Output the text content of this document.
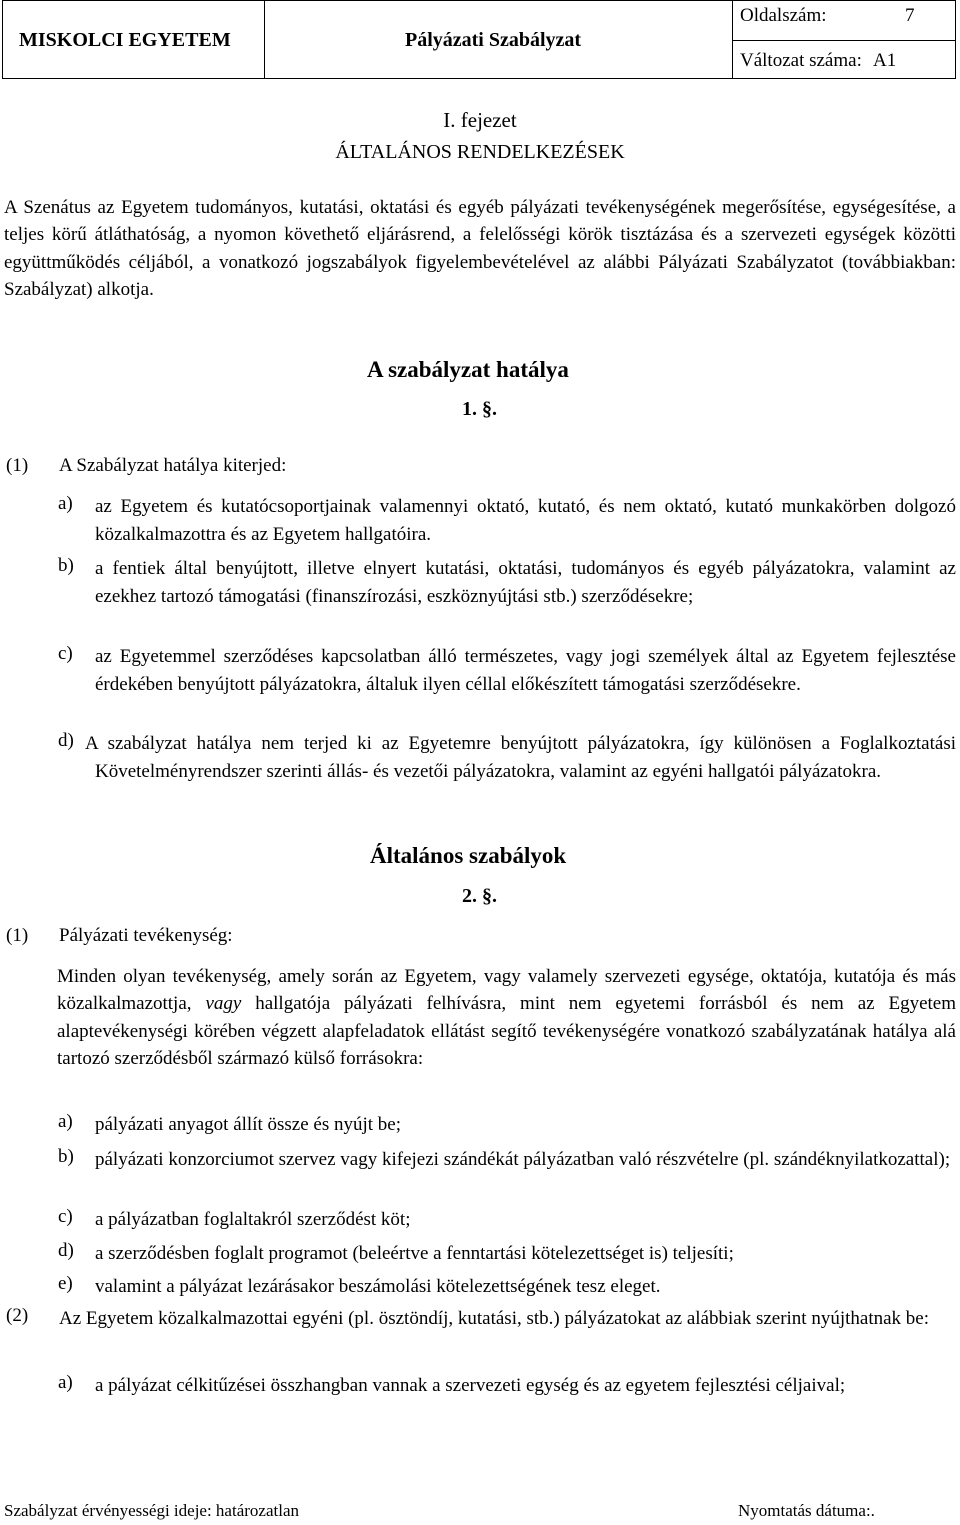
MISKOLCI EGYETEM	Pályázati Szabályzat
Oldalszám:	7
Változat száma: A1
I. fejezet
ÁLTALÁNOS RENDELKEZÉSEK
A Szenátus az Egyetem tudományos, kutatási, oktatási és egyéb pályázati tevékenységének megerősítése, egységesítése, a teljes körű átláthatóság, a nyomon követhető eljárásrend, a felelősségi körök tisztázása és a szervezeti egységek közötti együttműködés céljából, a vonatkozó jogszabályok figyelembevételével az alábbi Pályázati Szabályzatot (továbbiakban: Szabályzat) alkotja.
A szabályzat hatálya
1. §.
(1) A Szabályzat hatálya kiterjed:
a) az Egyetem és kutatócsoportjainak valamennyi oktató, kutató, és nem oktató, kutató munkakörben dolgozó közalkalmazottra és az Egyetem hallgatóira.
b) a fentiek által benyújtott, illetve elnyert kutatási, oktatási, tudományos és egyéb pályázatokra, valamint az ezekhez tartozó támogatási (finanszírozási, eszköznyújtási stb.) szerződésekre;
c) az Egyetemmel szerződéses kapcsolatban álló természetes, vagy jogi személyek által az Egyetem fejlesztése érdekében benyújtott pályázatokra, általuk ilyen céllal előkészített támogatási szerződésekre.
d) A szabályzat hatálya nem terjed ki az Egyetemre benyújtott pályázatokra, így különösen a Foglalkoztatási Követelményrendszer szerinti állás- és vezetői pályázatokra, valamint az egyéni hallgatói pályázatokra.
Általános szabályok
2. §.
(1) Pályázati tevékenység:
Minden olyan tevékenység, amely során az Egyetem, vagy valamely szervezeti egysége, oktatója, kutatója és más közalkalmazottja, vagy hallgatója pályázati felhívásra, mint nem egyetemi forrásból és nem az Egyetem alaptevékenységi körében végzett alapfeladatok ellátást segítő tevékenységére vonatkozó szabályzatának hatálya alá tartozó szerződésből származó külső forrásokra:
a) pályázati anyagot állít össze és nyújt be;
b) pályázati konzorciumot szervez vagy kifejezi szándékát pályázatban való részvételre (pl. szándéknyilatkozattal);
c) a pályázatban foglaltakról szerződést köt;
d) a szerződésben foglalt programot (beleértve a fenntartási kötelezettséget is) teljesíti;
e) valamint a pályázat lezárásakor beszámolási kötelezettségének tesz eleget.
(2) Az Egyetem közalkalmazottai egyéni (pl. ösztöndíj, kutatási, stb.) pályázatokat az alábbiak szerint nyújthatnak be:
a) a pályázat célkitűzései összhangban vannak a szervezeti egység és az egyetem fejlesztési céljaival;
Szabályzat érvényességi ideje: határozatlan	Nyomtatás dátuma:.
